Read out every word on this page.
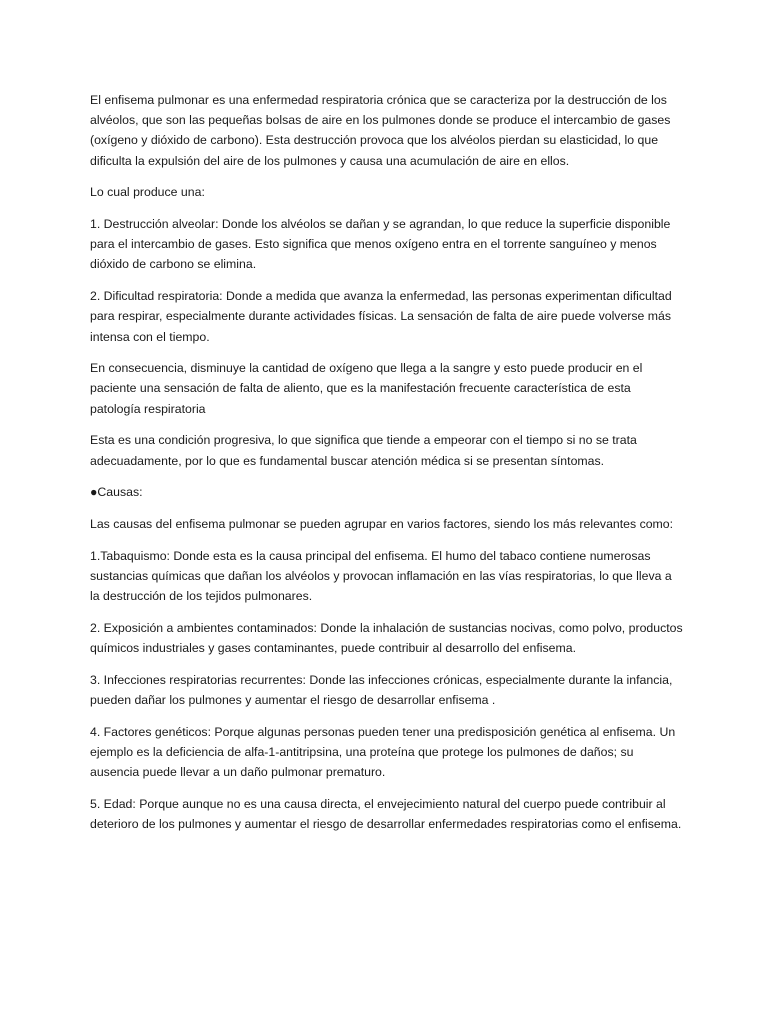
El enfisema pulmonar es una enfermedad respiratoria crónica que se caracteriza por la destrucción de los alvéolos, que son las pequeñas bolsas de aire en los pulmones donde se produce el intercambio de gases (oxígeno y dióxido de carbono). Esta destrucción provoca que los alvéolos pierdan su elasticidad, lo que dificulta la expulsión del aire de los pulmones y causa una acumulación de aire en ellos.

Lo cual produce una:

1. Destrucción alveolar: Donde los alvéolos se dañan y se agrandan, lo que reduce la superficie disponible para el intercambio de gases. Esto significa que menos oxígeno entra en el torrente sanguíneo y menos dióxido de carbono se elimina.

2. Dificultad respiratoria: Donde a medida que avanza la enfermedad, las personas experimentan dificultad para respirar, especialmente durante actividades físicas. La sensación de falta de aire puede volverse más intensa con el tiempo.

En consecuencia, disminuye la cantidad de oxígeno que llega a la sangre y esto puede producir en el paciente una sensación de falta de aliento, que es la manifestación frecuente característica de esta patología respiratoria

Esta es una condición progresiva, lo que significa que tiende a empeorar con el tiempo si no se trata adecuadamente, por lo que es fundamental buscar atención médica si se presentan síntomas.

●Causas:

Las causas del enfisema pulmonar se pueden agrupar en varios factores, siendo los más relevantes como:

1.Tabaquismo: Donde esta es la causa principal del enfisema. El humo del tabaco contiene numerosas sustancias químicas que dañan los alvéolos y provocan inflamación en las vías respiratorias, lo que lleva a la destrucción de los tejidos pulmonares.

2. Exposición a ambientes contaminados: Donde la inhalación de sustancias nocivas, como polvo, productos químicos industriales y gases contaminantes, puede contribuir al desarrollo del enfisema.

3. Infecciones respiratorias recurrentes: Donde las infecciones crónicas, especialmente durante la infancia, pueden dañar los pulmones y aumentar el riesgo de desarrollar enfisema .

4. Factores genéticos: Porque algunas personas pueden tener una predisposición genética al enfisema. Un ejemplo es la deficiencia de alfa-1-antitripsina, una proteína que protege los pulmones de daños; su ausencia puede llevar a un daño pulmonar prematuro.

5. Edad: Porque aunque no es una causa directa, el envejecimiento natural del cuerpo puede contribuir al deterioro de los pulmones y aumentar el riesgo de desarrollar enfermedades respiratorias como el enfisema.
